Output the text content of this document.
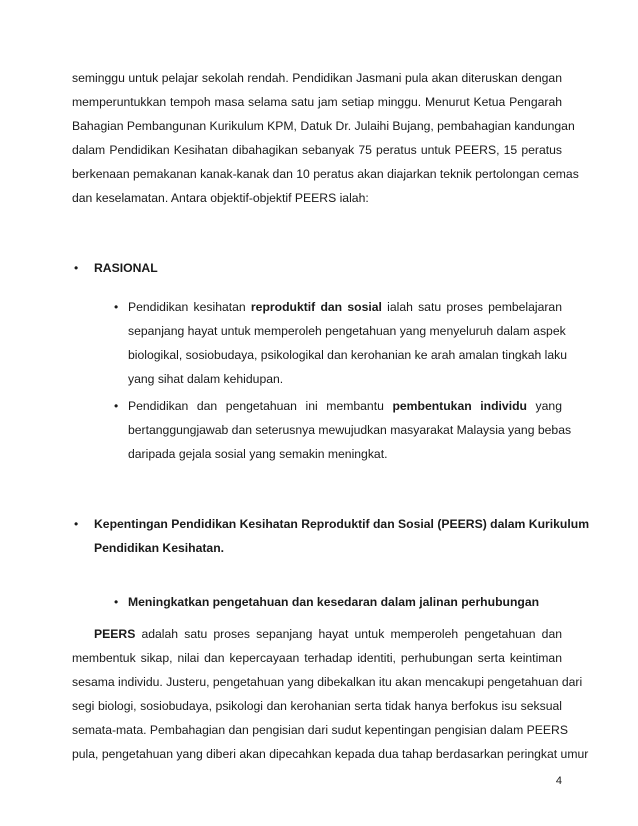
seminggu untuk pelajar sekolah rendah. Pendidikan Jasmani pula akan diteruskan dengan
memperuntukkan tempoh masa selama satu jam setiap minggu. Menurut Ketua Pengarah
Bahagian Pembangunan Kurikulum KPM, Datuk Dr. Julaihi Bujang, pembahagian kandungan
dalam Pendidikan Kesihatan dibahagikan sebanyak 75 peratus untuk PEERS, 15 peratus
berkenaan pemakanan kanak-kanak dan 10 peratus akan diajarkan teknik pertolongan cemas
dan keselamatan. Antara objektif-objektif PEERS ialah:
• RASIONAL
• Pendidikan kesihatan reproduktif dan sosial ialah satu proses pembelajaran
sepanjang hayat untuk memperoleh pengetahuan yang menyeluruh dalam aspek
biologikal, sosiobudaya, psikologikal dan kerohanian ke arah amalan tingkah laku
yang sihat dalam kehidupan.
• Pendidikan dan pengetahuan ini membantu pembentukan individu yang
bertanggungjawab dan seterusnya mewujudkan masyarakat Malaysia yang bebas
daripada gejala sosial yang semakin meningkat.
• Kepentingan Pendidikan Kesihatan Reproduktif dan Sosial (PEERS) dalam Kurikulum
Pendidikan Kesihatan.
• Meningkatkan pengetahuan dan kesedaran dalam jalinan perhubungan
PEERS adalah satu proses sepanjang hayat untuk memperoleh pengetahuan dan
membentuk sikap, nilai dan kepercayaan terhadap identiti, perhubungan serta keintiman
sesama individu. Justeru, pengetahuan yang dibekalkan itu akan mencakupi pengetahuan dari
segi biologi, sosiobudaya, psikologi dan kerohanian serta tidak hanya berfokus isu seksual
semata-mata. Pembahagian dan pengisian dari sudut kepentingan pengisian dalam PEERS
pula, pengetahuan yang diberi akan dipecahkan kepada dua tahap berdasarkan peringkat umur
4
